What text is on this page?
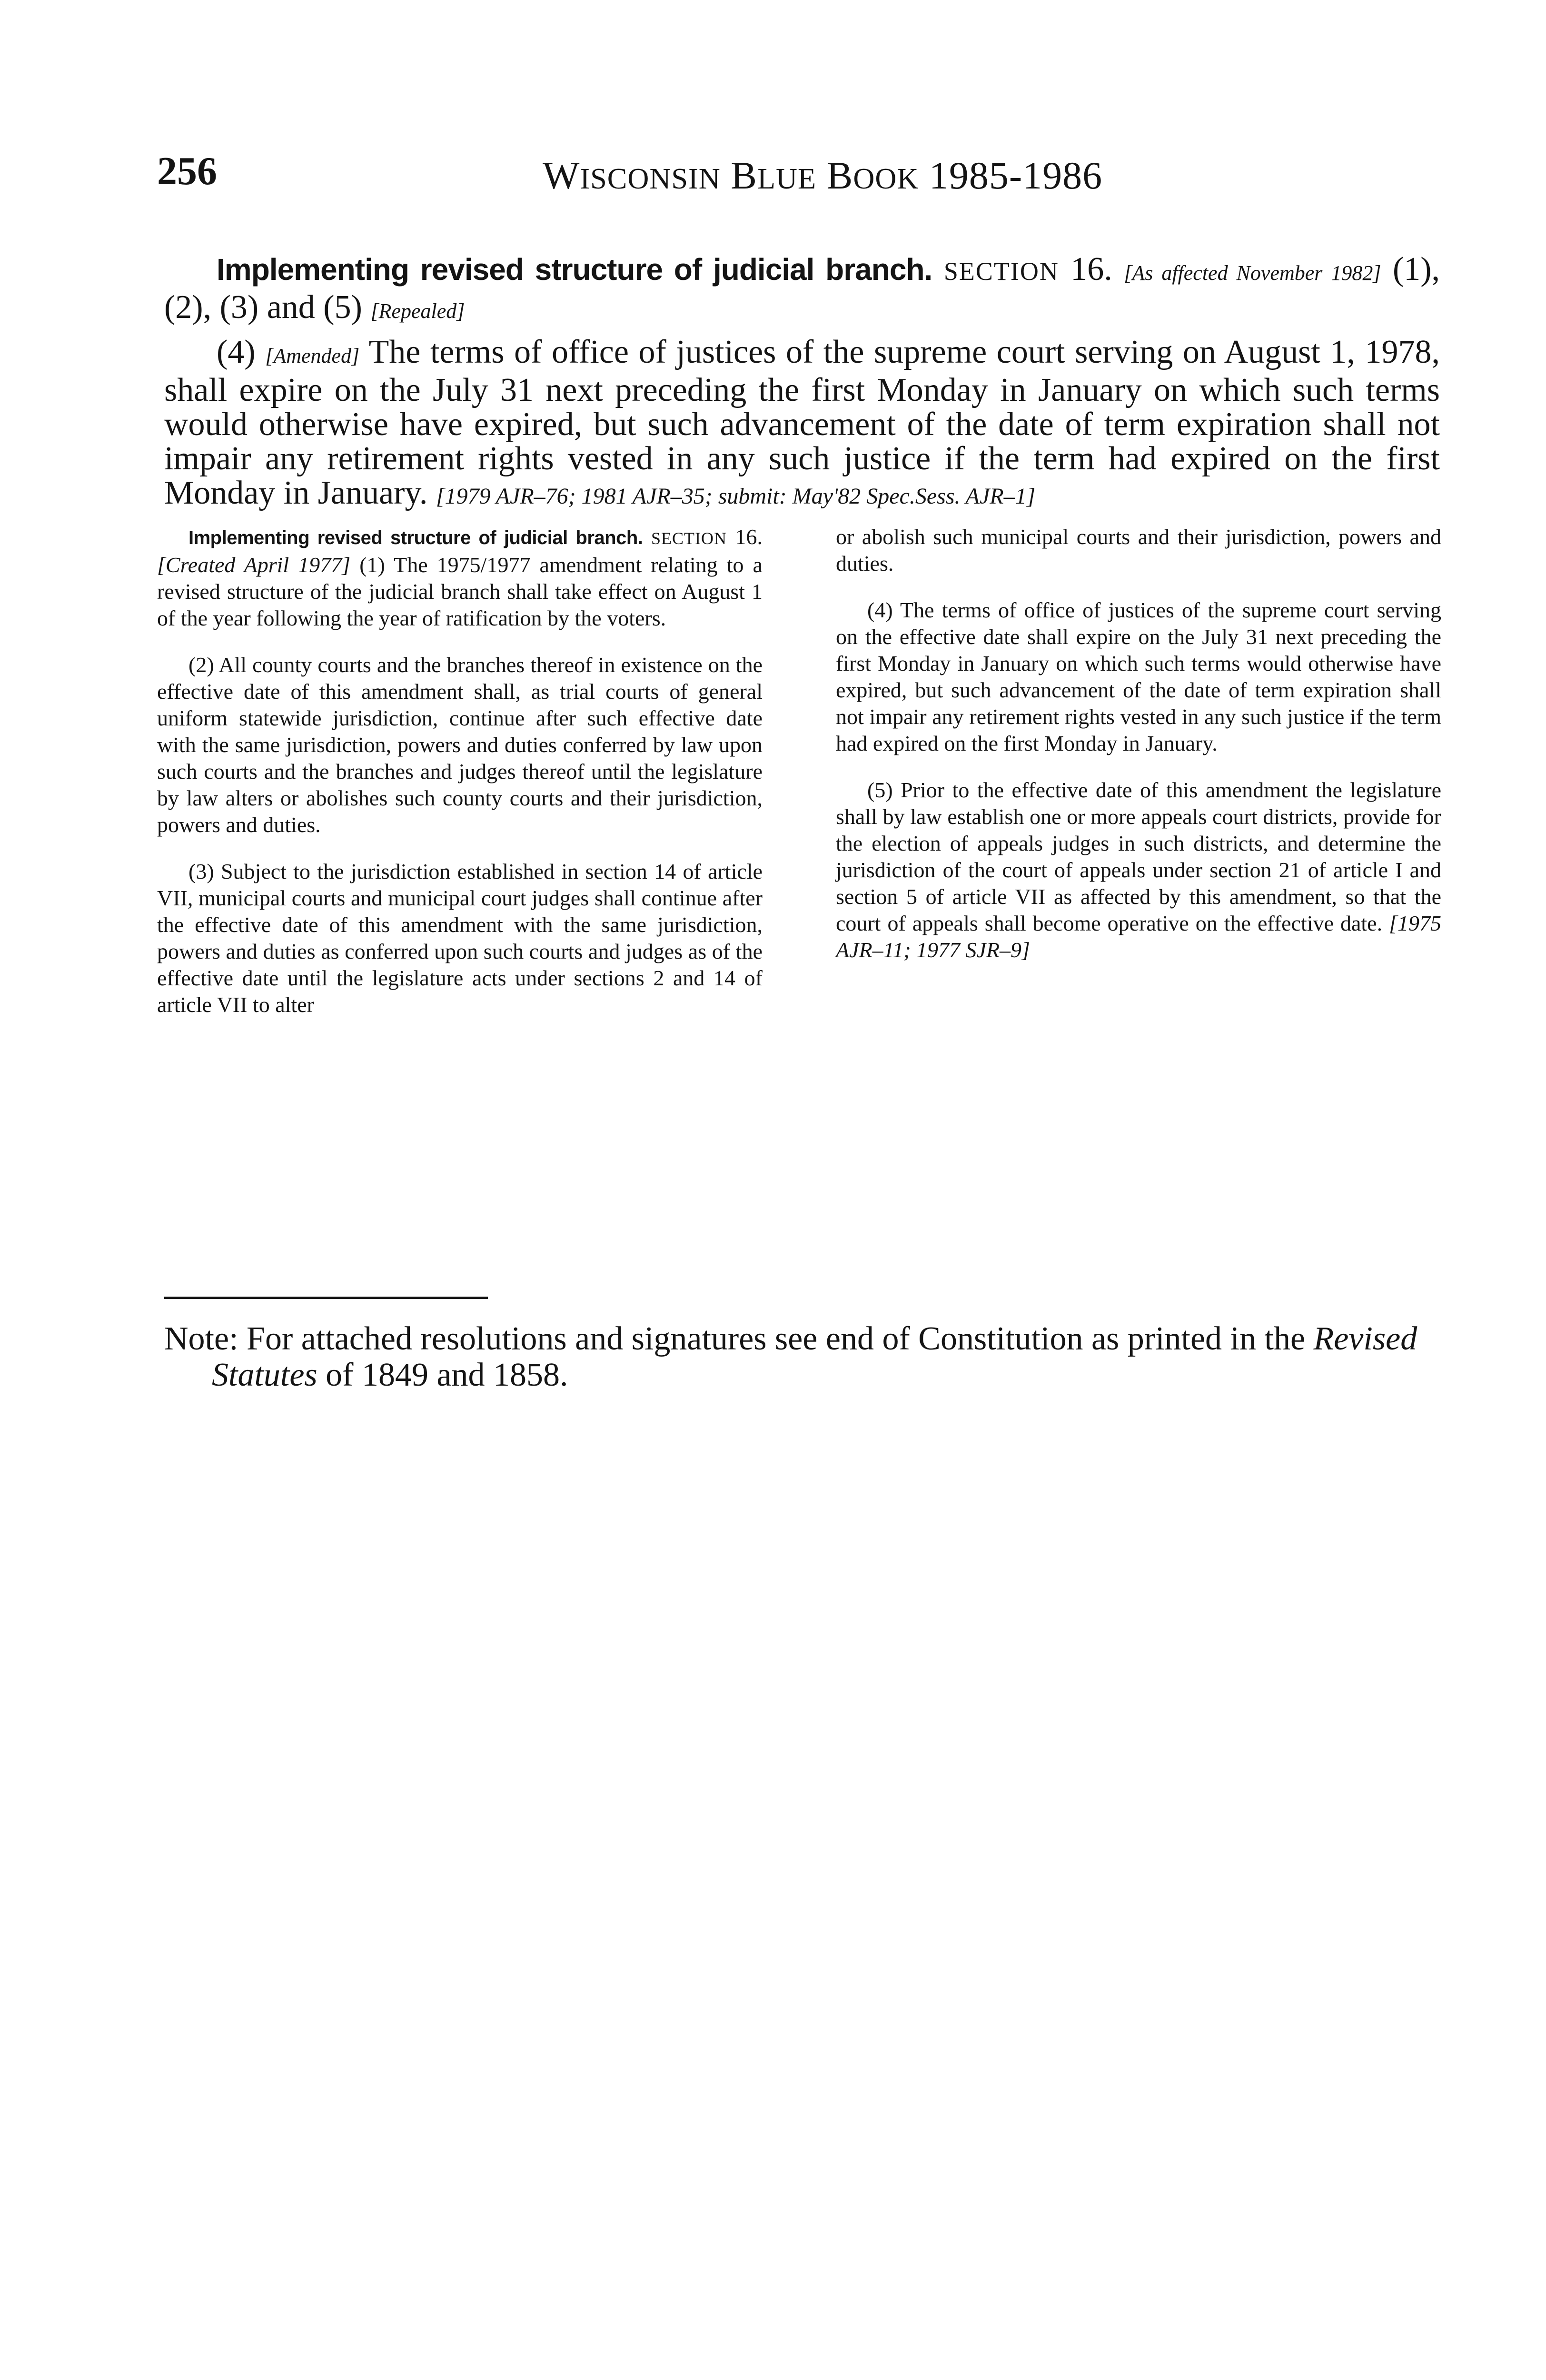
256	WISCONSIN BLUE BOOK 1985-1986

Implementing revised structure of judicial branch. SECTION 16. [As affected November 1982] (1), (2), (3) and (5) [Repealed]

(4) [Amended] The terms of office of justices of the supreme court serving on August 1, 1978, shall expire on the July 31 next preceding the first Monday in January on which such terms would otherwise have expired, but such advancement of the date of term expiration shall not impair any retirement rights vested in any such justice if the term had expired on the first Monday in January. [1979 AJR–76; 1981 AJR–35; submit: May'82 Spec.Sess. AJR–1]

Implementing revised structure of judicial branch. SECTION 16. [Created April 1977] (1) The 1975/1977 amendment relating to a revised structure of the judicial branch shall take effect on August 1 of the year following the year of ratification by the voters.

(2) All county courts and the branches thereof in existence on the effective date of this amendment shall, as trial courts of general uniform statewide jurisdiction, continue after such effective date with the same jurisdiction, powers and duties conferred by law upon such courts and the branches and judges thereof until the legislature by law alters or abolishes such county courts and their jurisdiction, powers and duties.

(3) Subject to the jurisdiction established in section 14 of article VII, municipal courts and municipal court judges shall continue after the effective date of this amendment with the same jurisdiction, powers and duties as conferred upon such courts and judges as of the effective date until the legislature acts under sections 2 and 14 of article VII to alter

or abolish such municipal courts and their jurisdiction, powers and duties.

(4) The terms of office of justices of the supreme court serving on the effective date shall expire on the July 31 next preceding the first Monday in January on which such terms would otherwise have expired, but such advancement of the date of term expiration shall not impair any retirement rights vested in any such justice if the term had expired on the first Monday in January.

(5) Prior to the effective date of this amendment the legislature shall by law establish one or more appeals court districts, provide for the election of appeals judges in such districts, and determine the jurisdiction of the court of appeals under section 21 of article I and section 5 of article VII as affected by this amendment, so that the court of appeals shall become operative on the effective date. [1975 AJR–11; 1977 SJR–9]

Note: For attached resolutions and signatures see end of Constitution as printed in the Revised Statutes of 1849 and 1858.
